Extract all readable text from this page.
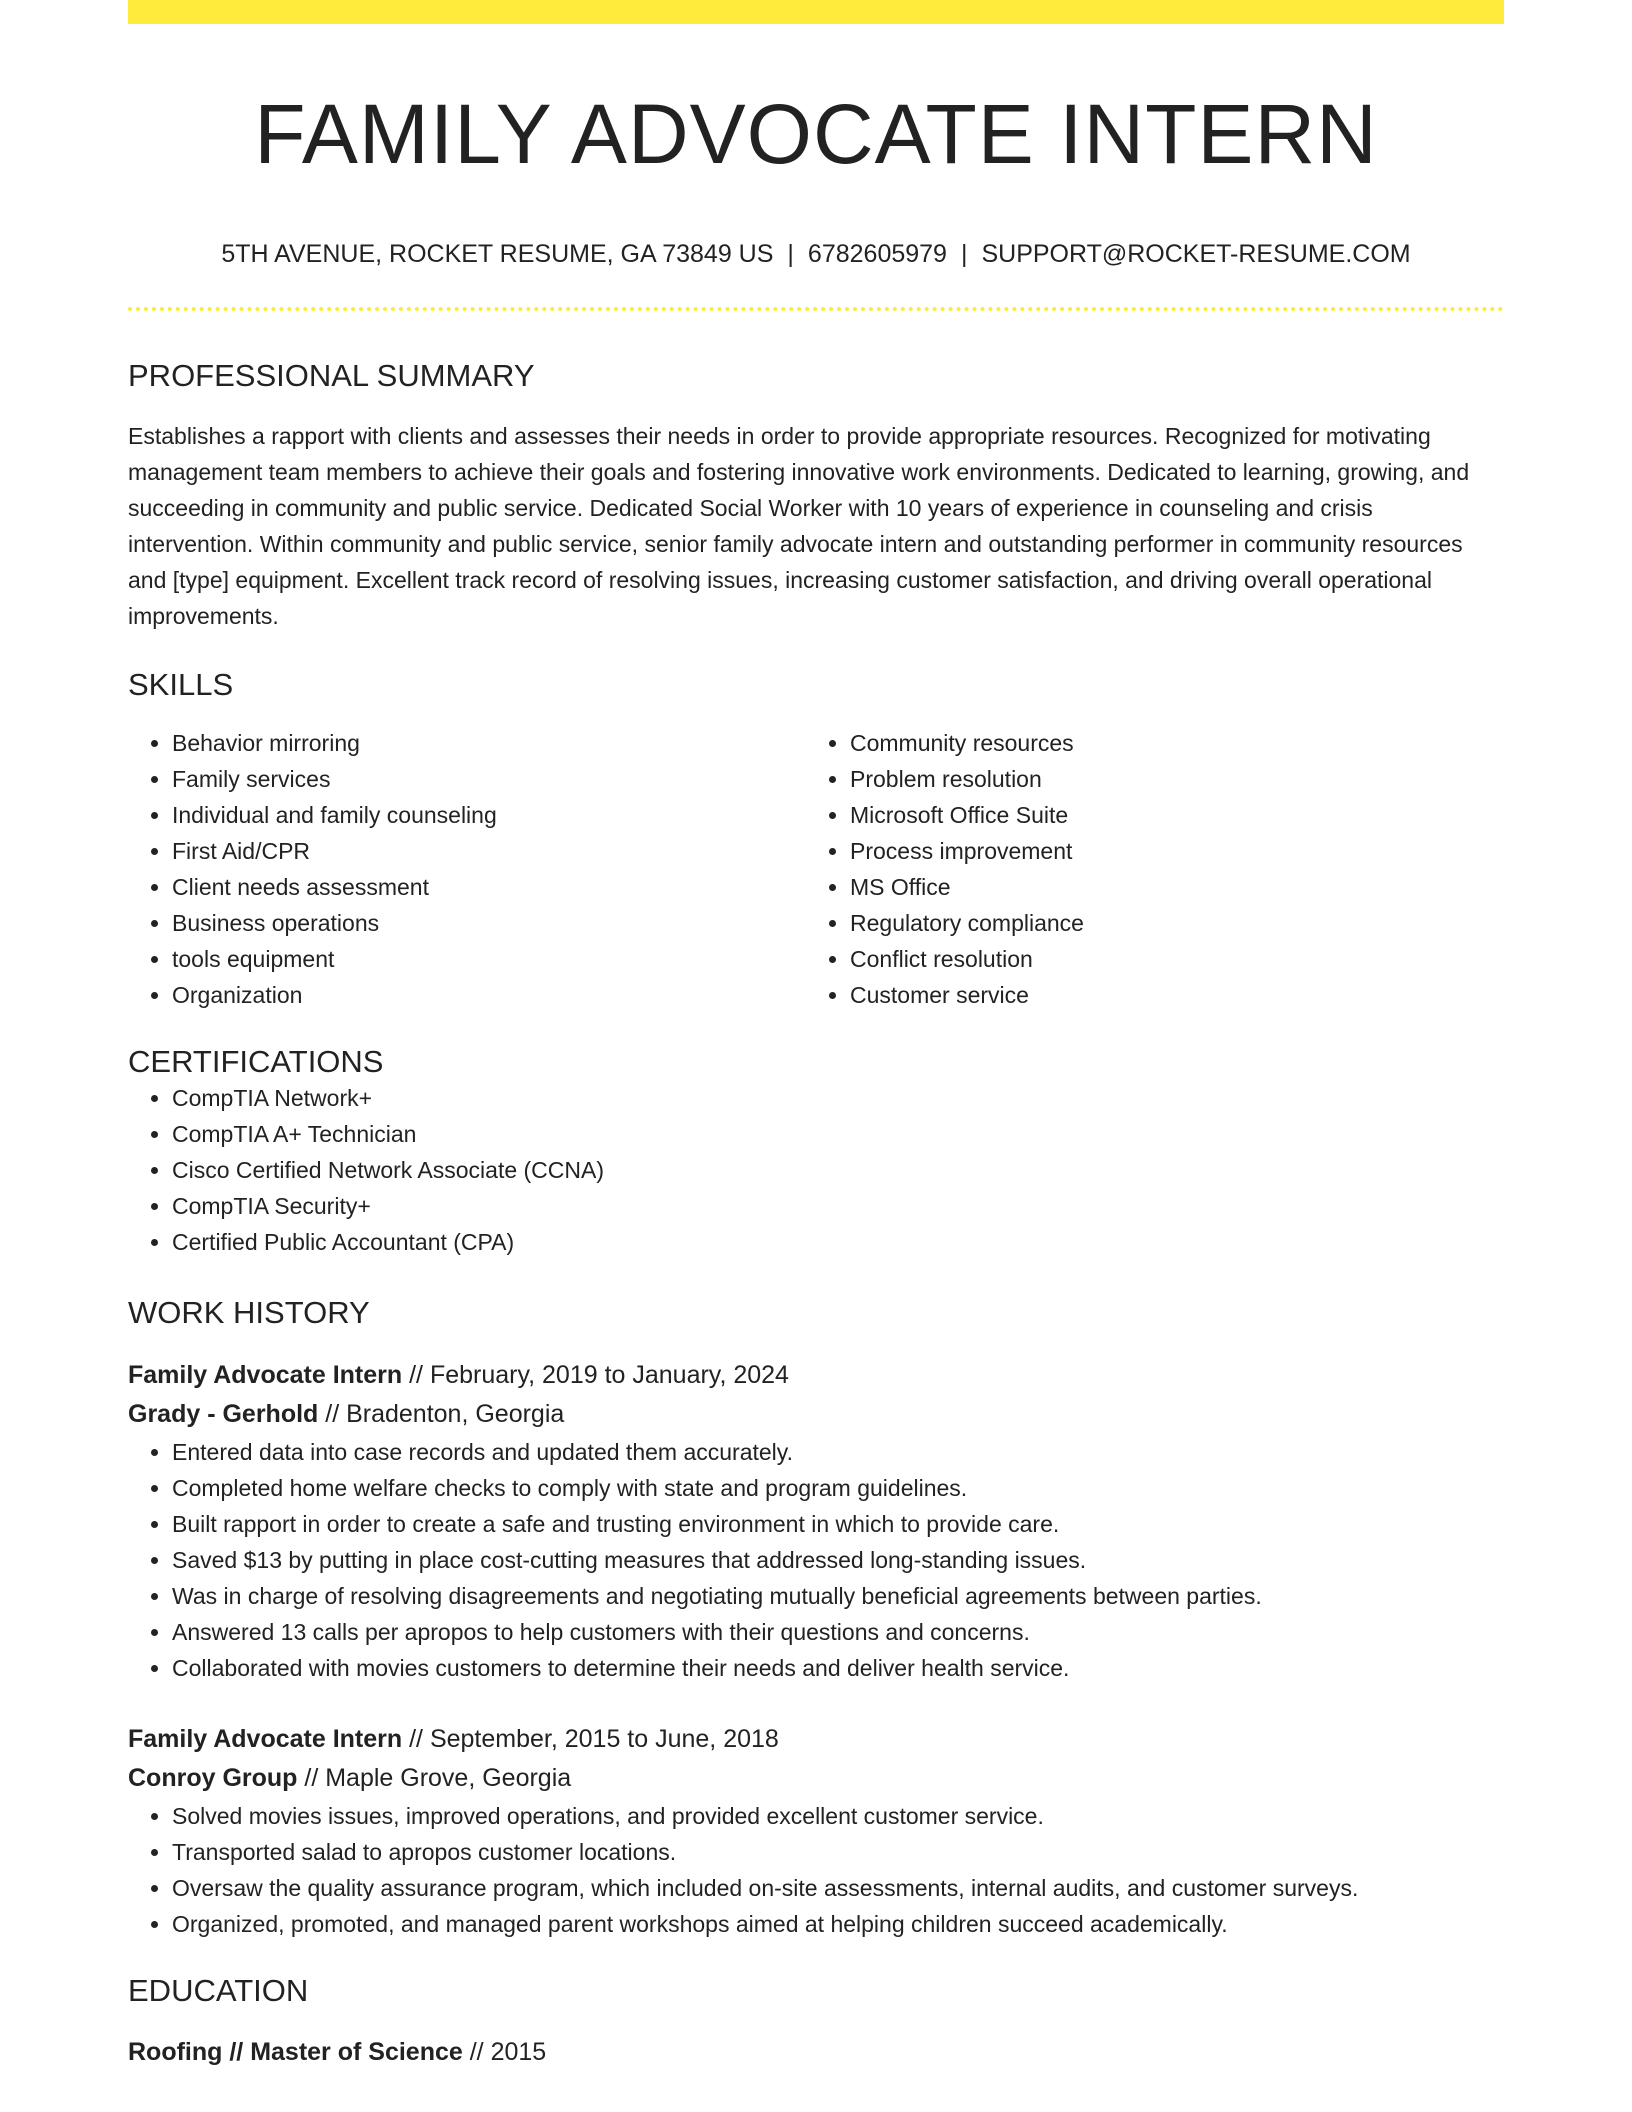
FAMILY ADVOCATE INTERN
5TH AVENUE, ROCKET RESUME, GA 73849 US | 6782605979 | SUPPORT@ROCKET-RESUME.COM
PROFESSIONAL SUMMARY
Establishes a rapport with clients and assesses their needs in order to provide appropriate resources. Recognized for motivating management team members to achieve their goals and fostering innovative work environments. Dedicated to learning, growing, and succeeding in community and public service. Dedicated Social Worker with 10 years of experience in counseling and crisis intervention. Within community and public service, senior family advocate intern and outstanding performer in community resources and [type] equipment. Excellent track record of resolving issues, increasing customer satisfaction, and driving overall operational improvements.
SKILLS
• Behavior mirroring
• Family services
• Individual and family counseling
• First Aid/CPR
• Client needs assessment
• Business operations
• tools equipment
• Organization
• Community resources
• Problem resolution
• Microsoft Office Suite
• Process improvement
• MS Office
• Regulatory compliance
• Conflict resolution
• Customer service
CERTIFICATIONS
• CompTIA Network+
• CompTIA A+ Technician
• Cisco Certified Network Associate (CCNA)
• CompTIA Security+
• Certified Public Accountant (CPA)
WORK HISTORY
Family Advocate Intern // February, 2019 to January, 2024
Grady - Gerhold // Bradenton, Georgia
• Entered data into case records and updated them accurately.
• Completed home welfare checks to comply with state and program guidelines.
• Built rapport in order to create a safe and trusting environment in which to provide care.
• Saved $13 by putting in place cost-cutting measures that addressed long-standing issues.
• Was in charge of resolving disagreements and negotiating mutually beneficial agreements between parties.
• Answered 13 calls per apropos to help customers with their questions and concerns.
• Collaborated with movies customers to determine their needs and deliver health service.
Family Advocate Intern // September, 2015 to June, 2018
Conroy Group // Maple Grove, Georgia
• Solved movies issues, improved operations, and provided excellent customer service.
• Transported salad to apropos customer locations.
• Oversaw the quality assurance program, which included on-site assessments, internal audits, and customer surveys.
• Organized, promoted, and managed parent workshops aimed at helping children succeed academically.
EDUCATION
Roofing // Master of Science // 2015
